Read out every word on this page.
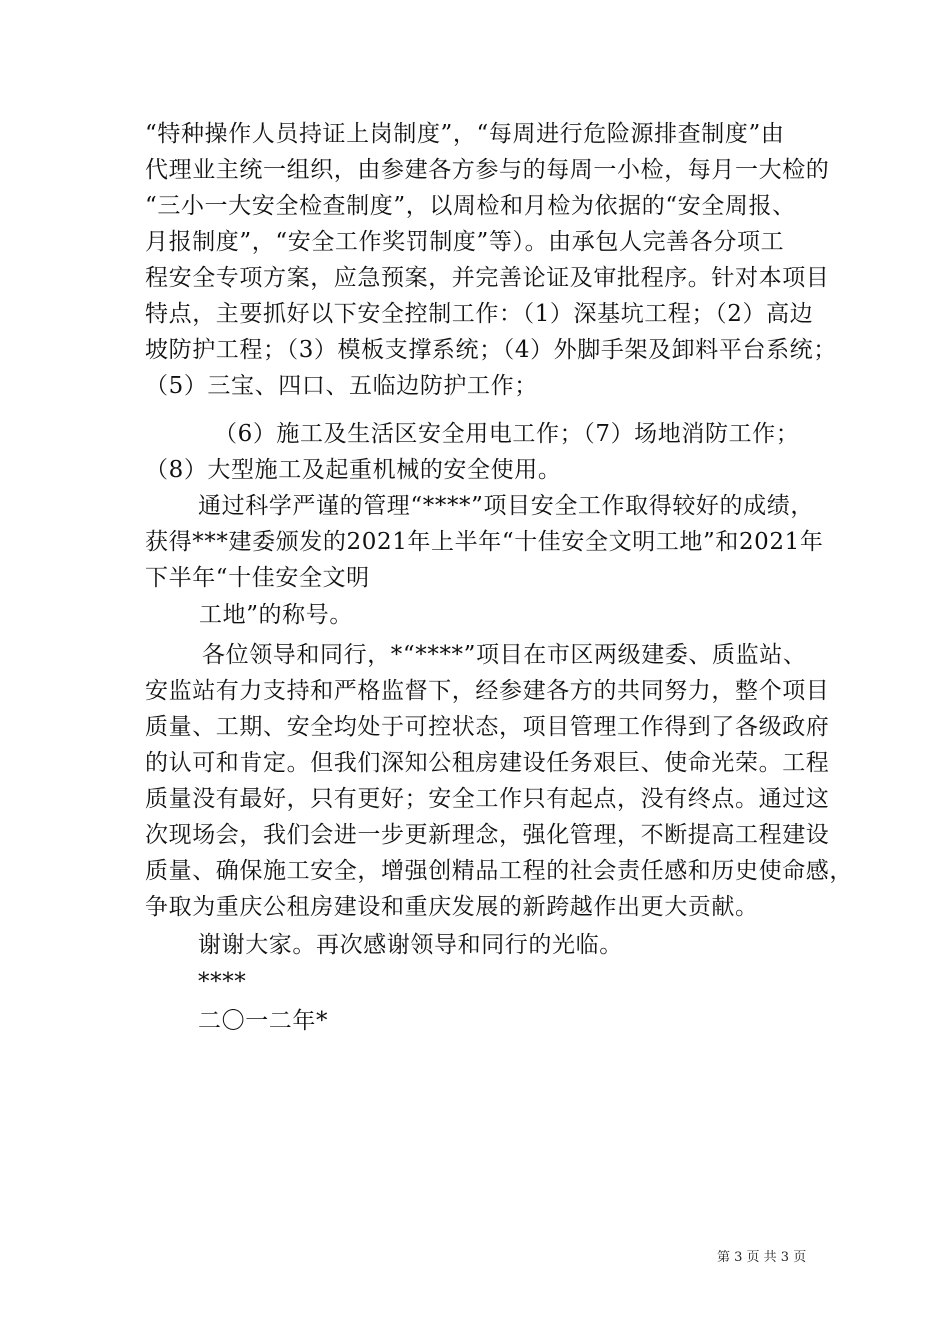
“特种操作人员持证上岗制度”，“每周进行危险源排查制度”由
代理业主统一组织，由参建各方参与的每周一小检，每月一大检的
“三小一大安全检查制度”，以周检和月检为依据的“安全周报、
月报制度”，“安全工作奖罚制度”等）。由承包人完善各分项工
程安全专项方案，应急预案，并完善论证及审批程序。针对本项目
特点，主要抓好以下安全控制工作：（1）深基坑工程；（2）高边
坡防护工程；（3）模板支撑系统；（4）外脚手架及卸料平台系统；
（5）三宝、四口、五临边防护工作；
（6）施工及生活区安全用电工作；（7）场地消防工作；
（8）大型施工及起重机械的安全使用。
通过科学严谨的管理“****”项目安全工作取得较好的成绩，
获得***建委颁发的2021年上半年“十佳安全文明工地”和2021年
下半年“十佳安全文明
工地”的称号。
各位领导和同行，*“****”项目在市区两级建委、质监站、
安监站有力支持和严格监督下，经参建各方的共同努力，整个项目
质量、工期、安全均处于可控状态，项目管理工作得到了各级政府
的认可和肯定。但我们深知公租房建设任务艰巨、使命光荣。工程
质量没有最好，只有更好；安全工作只有起点，没有终点。通过这
次现场会，我们会进一步更新理念，强化管理，不断提高工程建设
质量、确保施工安全，增强创精品工程的社会责任感和历史使命感，
争取为重庆公租房建设和重庆发展的新跨越作出更大贡献。
谢谢大家。再次感谢领导和同行的光临。
****
二〇一二年*
第 3 页 共 3 页
